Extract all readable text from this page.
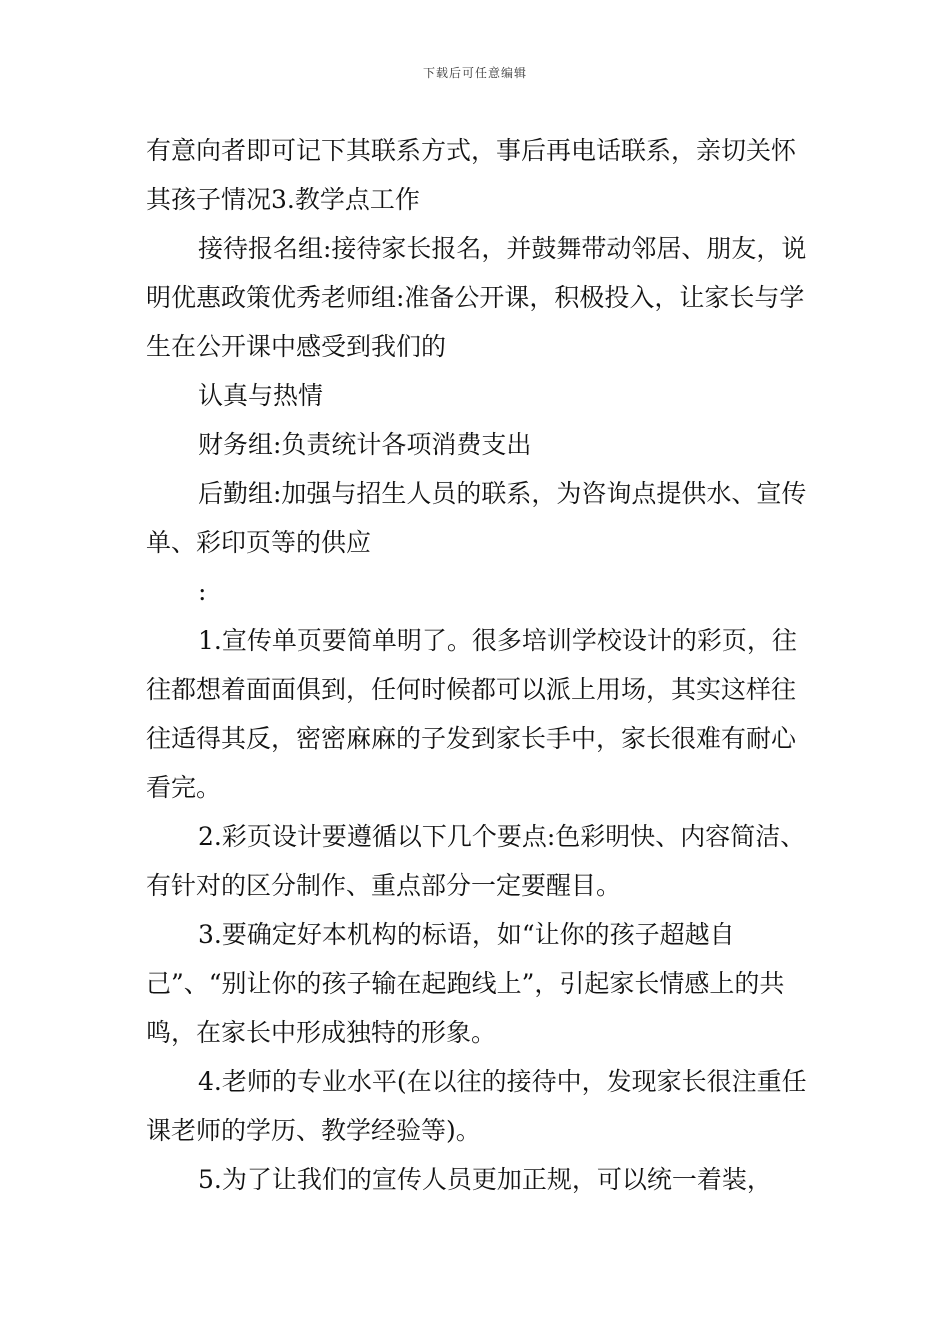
下载后可任意编辑

有意向者即可记下其联系方式，事后再电话联系，亲切关怀其孩子情况3.教学点工作

接待报名组:接待家长报名，并鼓舞带动邻居、朋友，说明优惠政策优秀老师组:准备公开课，积极投入，让家长与学生在公开课中感受到我们的

认真与热情

财务组:负责统计各项消费支出

后勤组:加强与招生人员的联系，为咨询点提供水、宣传单、彩印页等的供应

:

1.宣传单页要简单明了。很多培训学校设计的彩页，往往都想着面面俱到，任何时候都可以派上用场，其实这样往往适得其反，密密麻麻的子发到家长手中，家长很难有耐心看完。

2.彩页设计要遵循以下几个要点:色彩明快、内容简洁、有针对的区分制作、重点部分一定要醒目。

3.要确定好本机构的标语，如“让你的孩子超越自己”、“别让你的孩子输在起跑线上”，引起家长情感上的共鸣，在家长中形成独特的形象。

4.老师的专业水平(在以往的接待中，发现家长很注重任课老师的学历、教学经验等)。

5.为了让我们的宣传人员更加正规，可以统一着装，
